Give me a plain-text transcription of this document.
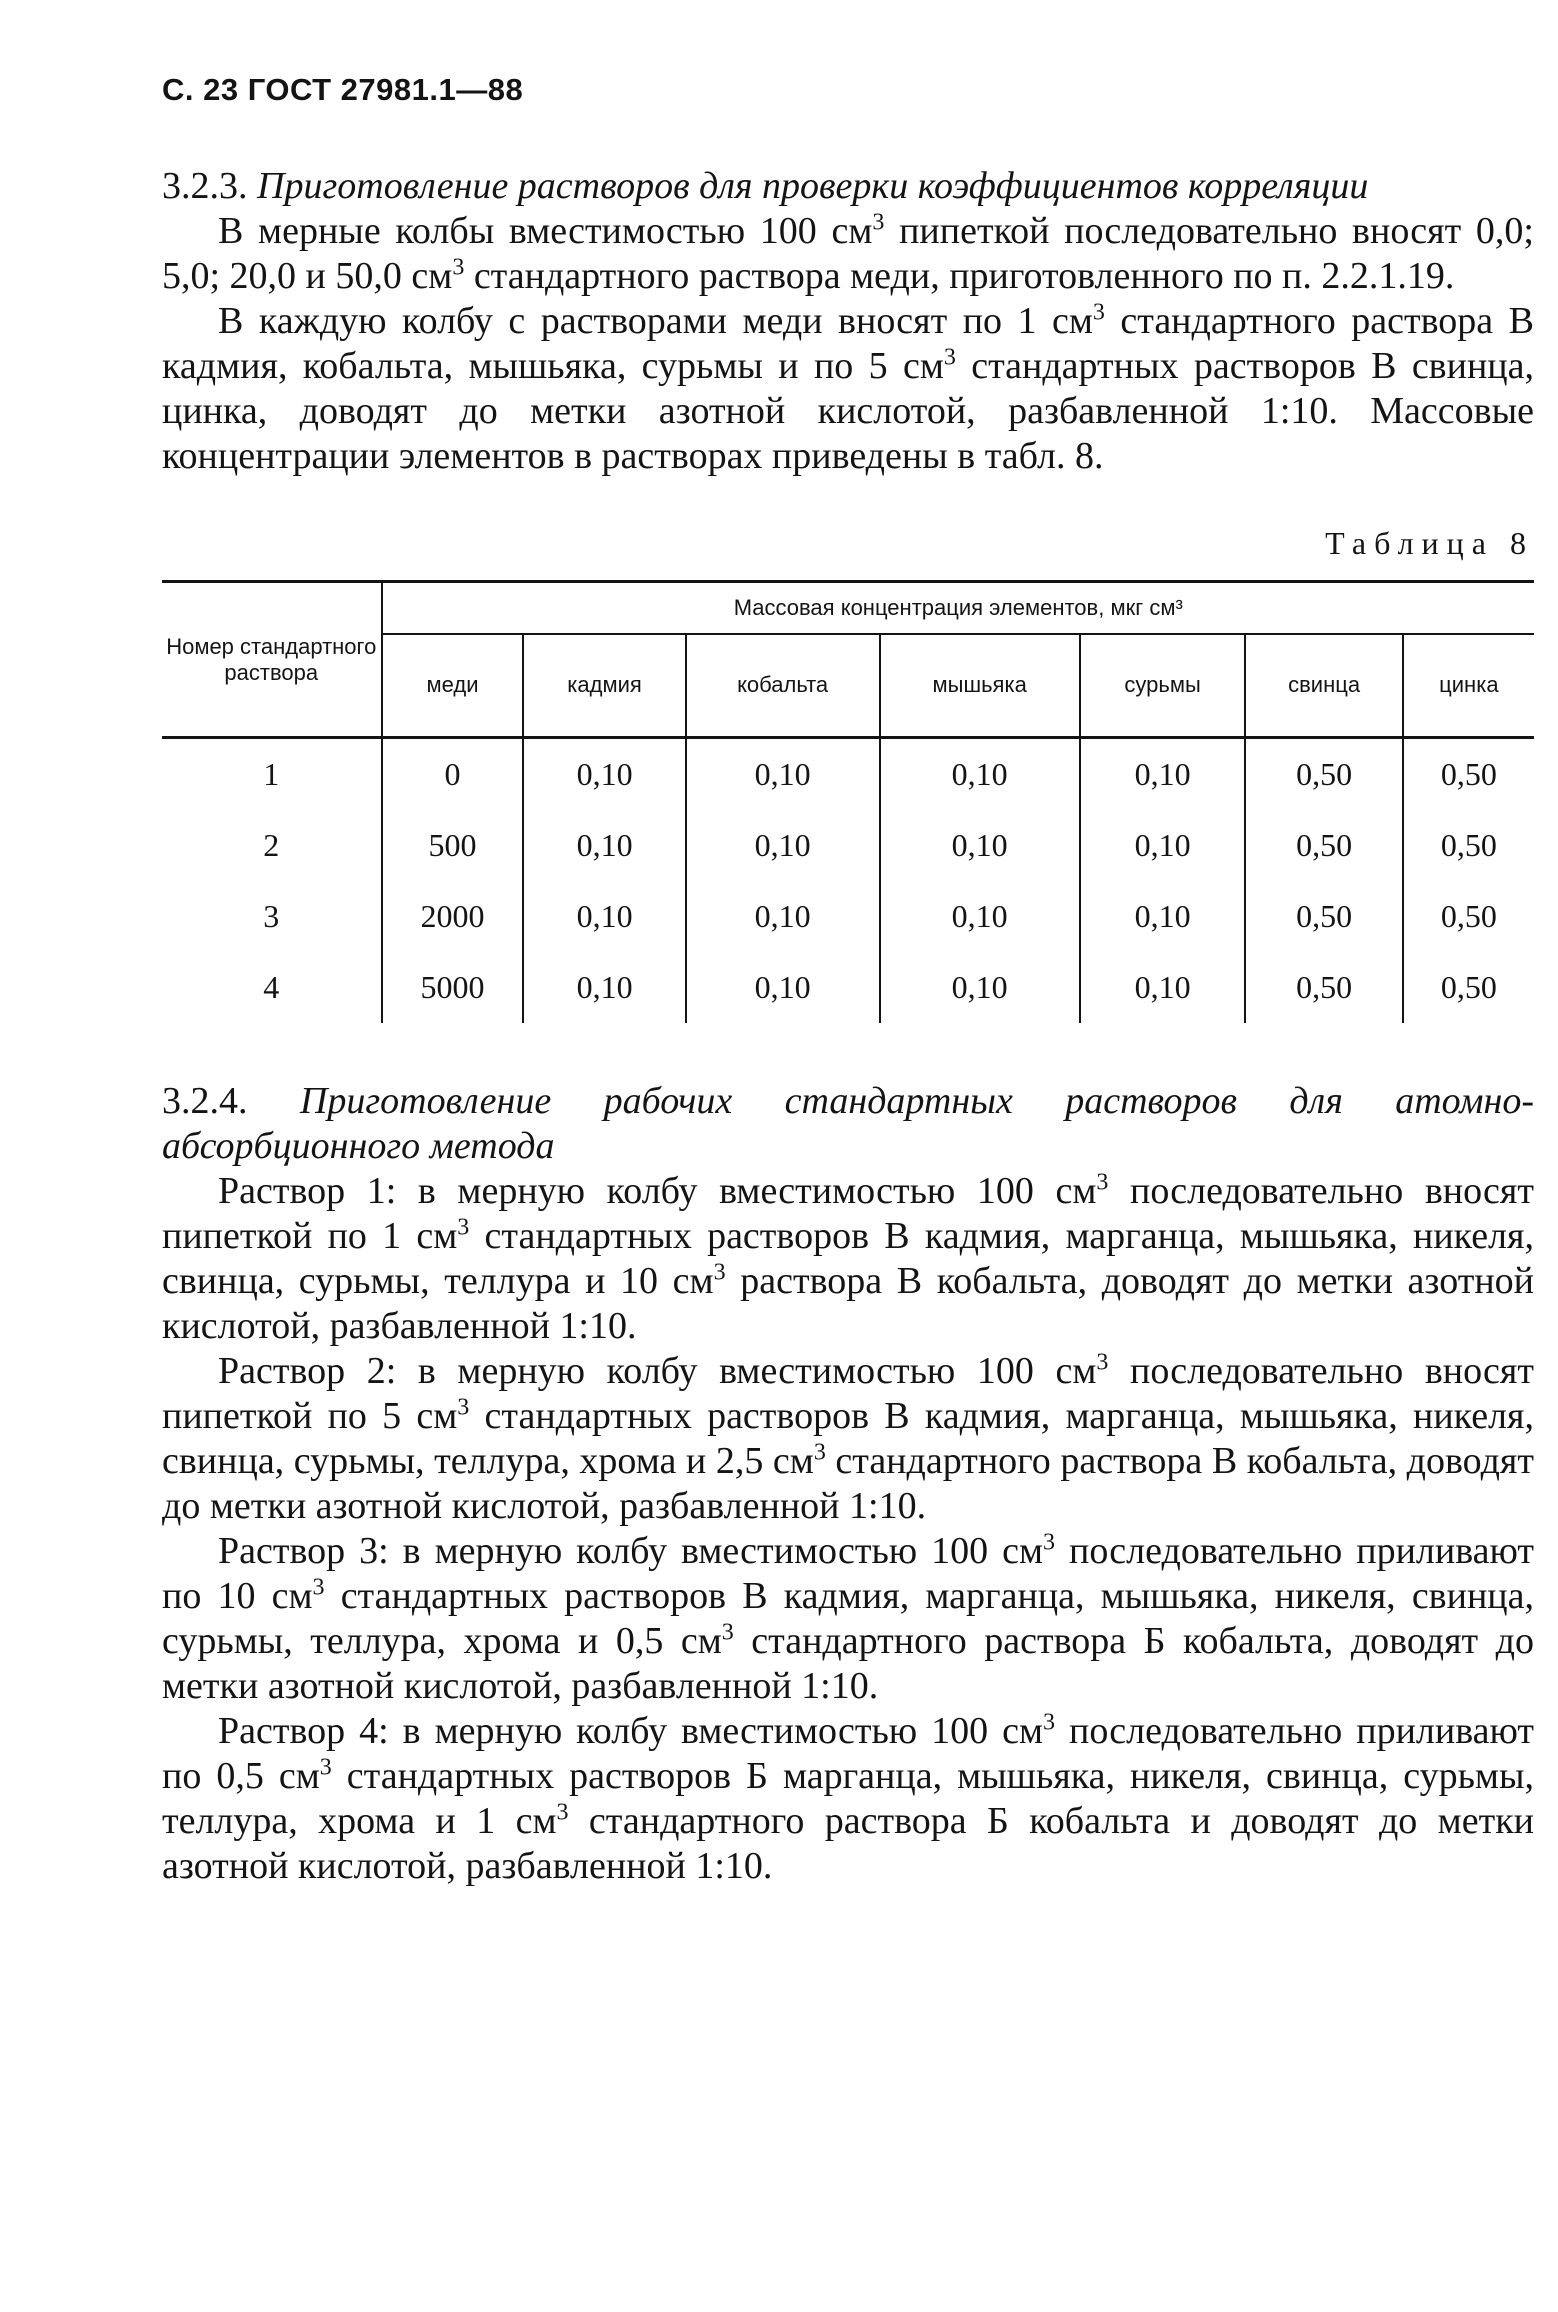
С. 23 ГОСТ 27981.1—88
3.2.3. Приготовление растворов для проверки коэффициентов корреляции

В мерные колбы вместимостью 100 $см^3$ пипеткой последовательно вносят 0,0; 5,0; 20,0 и 50,0 $см^3$ стандартного раствора меди, приготовленного по п. 2.2.1.19.

В каждую колбу с растворами меди вносят по 1 $см^3$ стандартного раствора В кадмия, кобальта, мышьяка, сурьмы и по 5 $см^3$ стандартных растворов В свинца, цинка, доводят до метки азотной кислотой, разбавленной 1:10. Массовые концентрации элементов в растворах приведены в табл. 8.

Таблица 8
Номер стандартного раствора	Массовая концентрация элементов, мкг см³						
	меди	кадмия	кобальта	мышьяка	сурьмы	свинца	цинка
1	0	0,10	0,10	0,10	0,10	0,50	0,50
2	500	0,10	0,10	0,10	0,10	0,50	0,50
3	2000	0,10	0,10	0,10	0,10	0,50	0,50
4	5000	0,10	0,10	0,10	0,10	0,50	0,50
3.2.4. Приготовление рабочих стандартных растворов для атомно-абсорбционного метода

Раствор 1: в мерную колбу вместимостью 100 $см^3$ последовательно вносят пипеткой по 1 $см^3$ стандартных растворов В кадмия, марганца, мышьяка, никеля, свинца, сурьмы, теллура и 10 $см^3$ раствора В кобальта, доводят до метки азотной кислотой, разбавленной 1:10.

Раствор 2: в мерную колбу вместимостью 100 $см^3$ последовательно вносят пипеткой по 5 $см^3$ стандартных растворов В кадмия, марганца, мышьяка, никеля, свинца, сурьмы, теллура, хрома и 2,5 $см^3$ стандартного раствора В кобальта, доводят до метки азотной кислотой, разбавленной 1:10.

Раствор 3: в мерную колбу вместимостью 100 $см^3$ последовательно приливают по 10 $см^3$ стандартных растворов В кадмия, марганца, мышьяка, никеля, свинца, сурьмы, теллура, хрома и 0,5 $см^3$ стандартного раствора Б кобальта, доводят до метки азотной кислотой, разбавленной 1:10.

Раствор 4: в мерную колбу вместимостью 100 $см^3$ последовательно приливают по 0,5 $см^3$ стандартных растворов Б марганца, мышьяка, никеля, свинца, сурьмы, теллура, хрома и 1 $см^3$ стандартного раствора Б кобальта и доводят до метки азотной кислотой, разбавленной 1:10.
